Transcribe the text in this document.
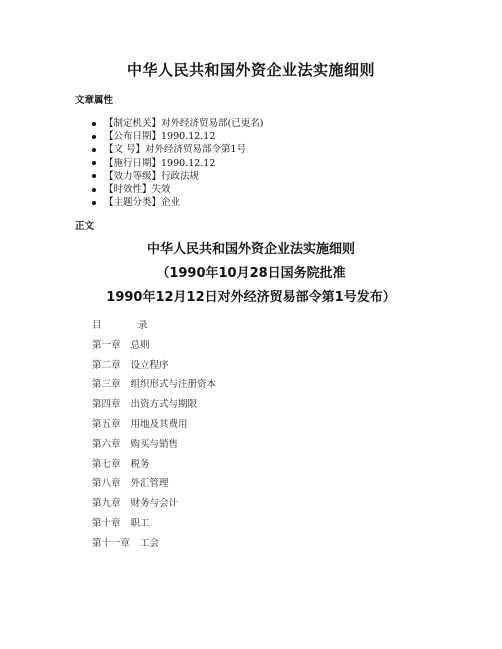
中华人民共和国外资企业法实施细则
文章属性
【制定机关】对外经济贸易部(已更名)
【公布日期】1990.12.12
【文 号】对外经济贸易部令第1号
【施行日期】1990.12.12
【效力等级】行政法规
【时效性】失效
【主题分类】企业
正文
中华人民共和国外资企业法实施细则
（1990年10月28日国务院批准
1990年12月12日对外经济贸易部令第1号发布）
目	录
第一章 总则
第二章 设立程序
第三章 组织形式与注册资本
第四章 出资方式与期限
第五章 用地及其费用
第六章 购买与销售
第七章 税务
第八章 外汇管理
第九章 财务与会计
第十章 职工
第十一章 工会
